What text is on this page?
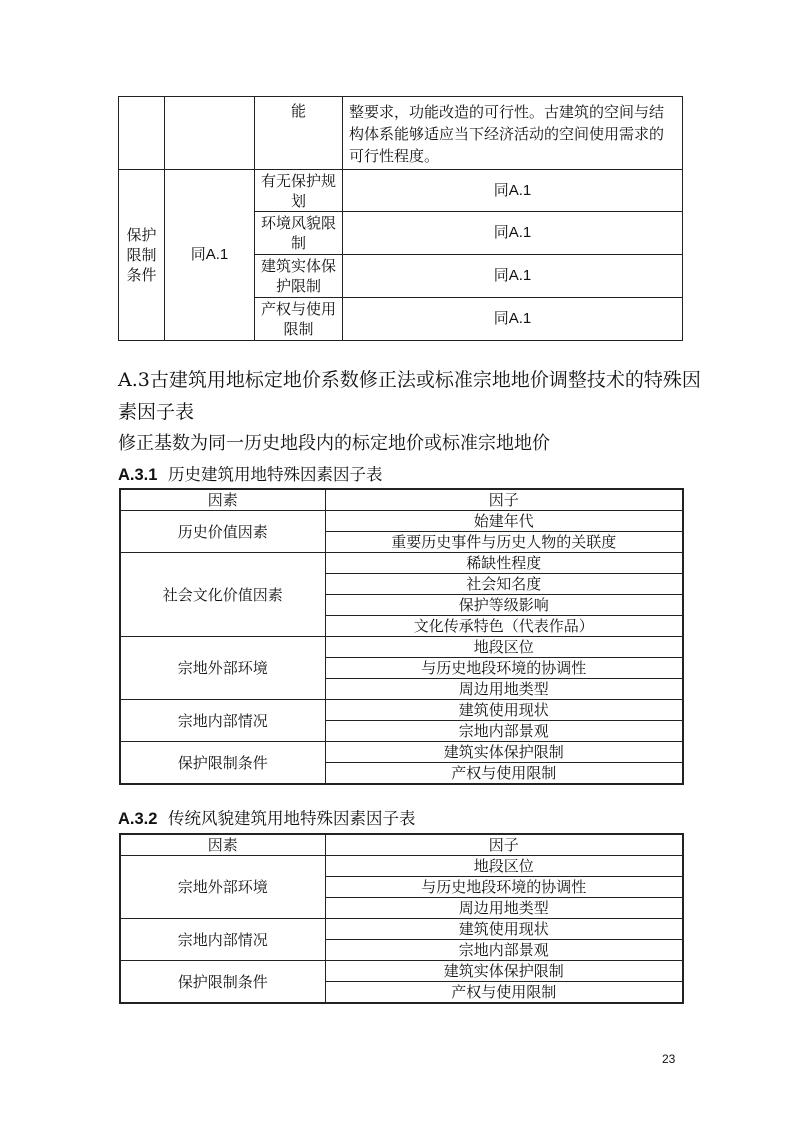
		能	整要求，功能改造的可行性。古建筑的空间与结构体系能够适应当下经济活动的空间使用需求的可行性程度。
保护限制条件	同A.1	有无保护规划	同A.1
		环境风貌限制	同A.1
		建筑实体保护限制	同A.1
		产权与使用限制	同A.1
A.3古建筑用地标定地价系数修正法或标准宗地地价调整技术的特殊因素因子表
修正基数为同一历史地段内的标定地价或标准宗地地价
A.3.1 历史建筑用地特殊因素因子表
因素	因子
历史价值因素	始建年代
	重要历史事件与历史人物的关联度
社会文化价值因素	稀缺性程度
	社会知名度
	保护等级影响
	文化传承特色（代表作品）
宗地外部环境	地段区位
	与历史地段环境的协调性
	周边用地类型
宗地内部情况	建筑使用现状
	宗地内部景观
保护限制条件	建筑实体保护限制
	产权与使用限制
A.3.2 传统风貌建筑用地特殊因素因子表
因素	因子
宗地外部环境	地段区位
	与历史地段环境的协调性
	周边用地类型
宗地内部情况	建筑使用现状
	宗地内部景观
保护限制条件	建筑实体保护限制
	产权与使用限制
23
